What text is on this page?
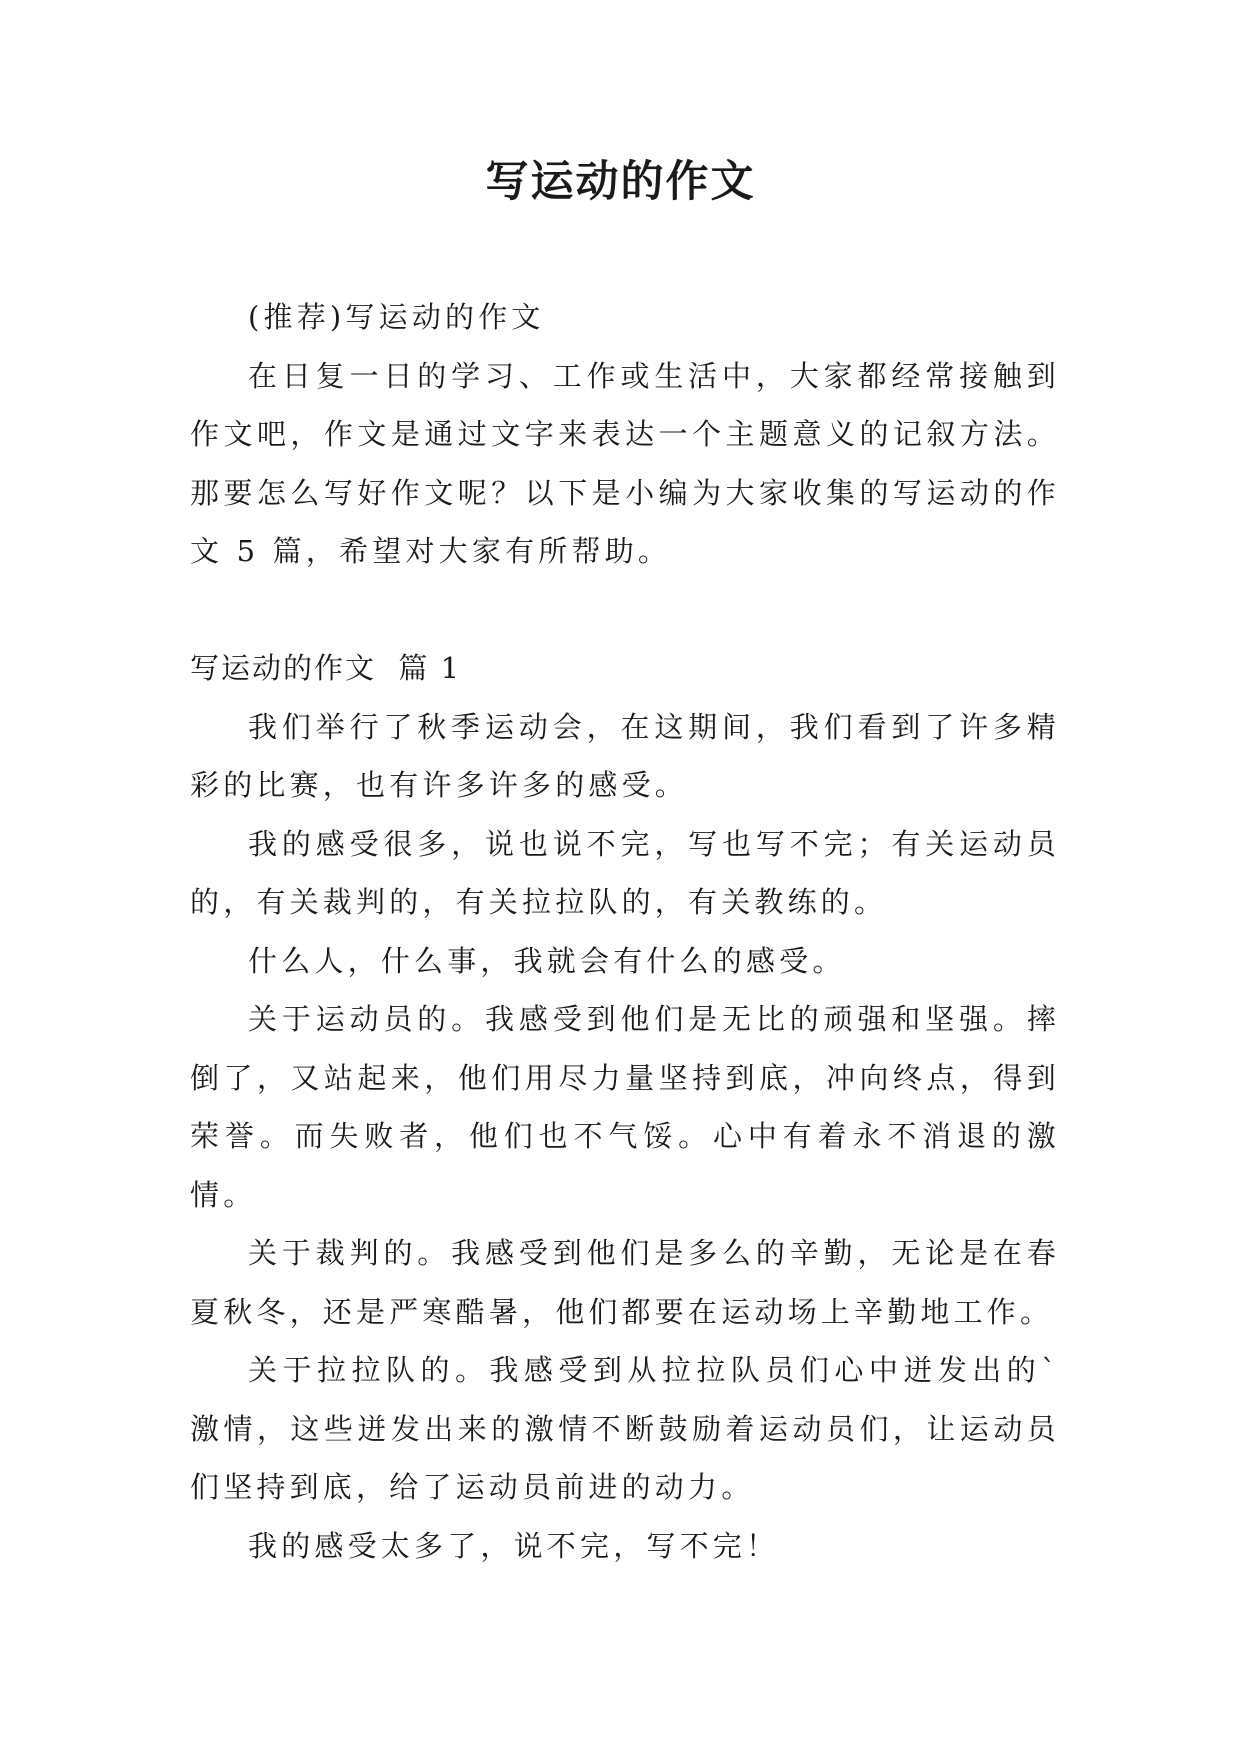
写运动的作文

(推荐)写运动的作文

在日复一日的学习、工作或生活中，大家都经常接触到作文吧，作文是通过文字来表达一个主题意义的记叙方法。那要怎么写好作文呢？以下是小编为大家收集的写运动的作文 5 篇，希望对大家有所帮助。

写运动的作文  篇 1

我们举行了秋季运动会，在这期间，我们看到了许多精彩的比赛，也有许多许多的感受。

我的感受很多，说也说不完，写也写不完；有关运动员的，有关裁判的，有关拉拉队的，有关教练的。

什么人，什么事，我就会有什么的感受。

关于运动员的。我感受到他们是无比的顽强和坚强。摔倒了，又站起来，他们用尽力量坚持到底，冲向终点，得到荣誉。而失败者，他们也不气馁。心中有着永不消退的激情。

关于裁判的。我感受到他们是多么的辛勤，无论是在春夏秋冬，还是严寒酷暑，他们都要在运动场上辛勤地工作。

关于拉拉队的。我感受到从拉拉队员们心中迸发出的`激情，这些迸发出来的激情不断鼓励着运动员们，让运动员们坚持到底，给了运动员前进的动力。

我的感受太多了，说不完，写不完！
